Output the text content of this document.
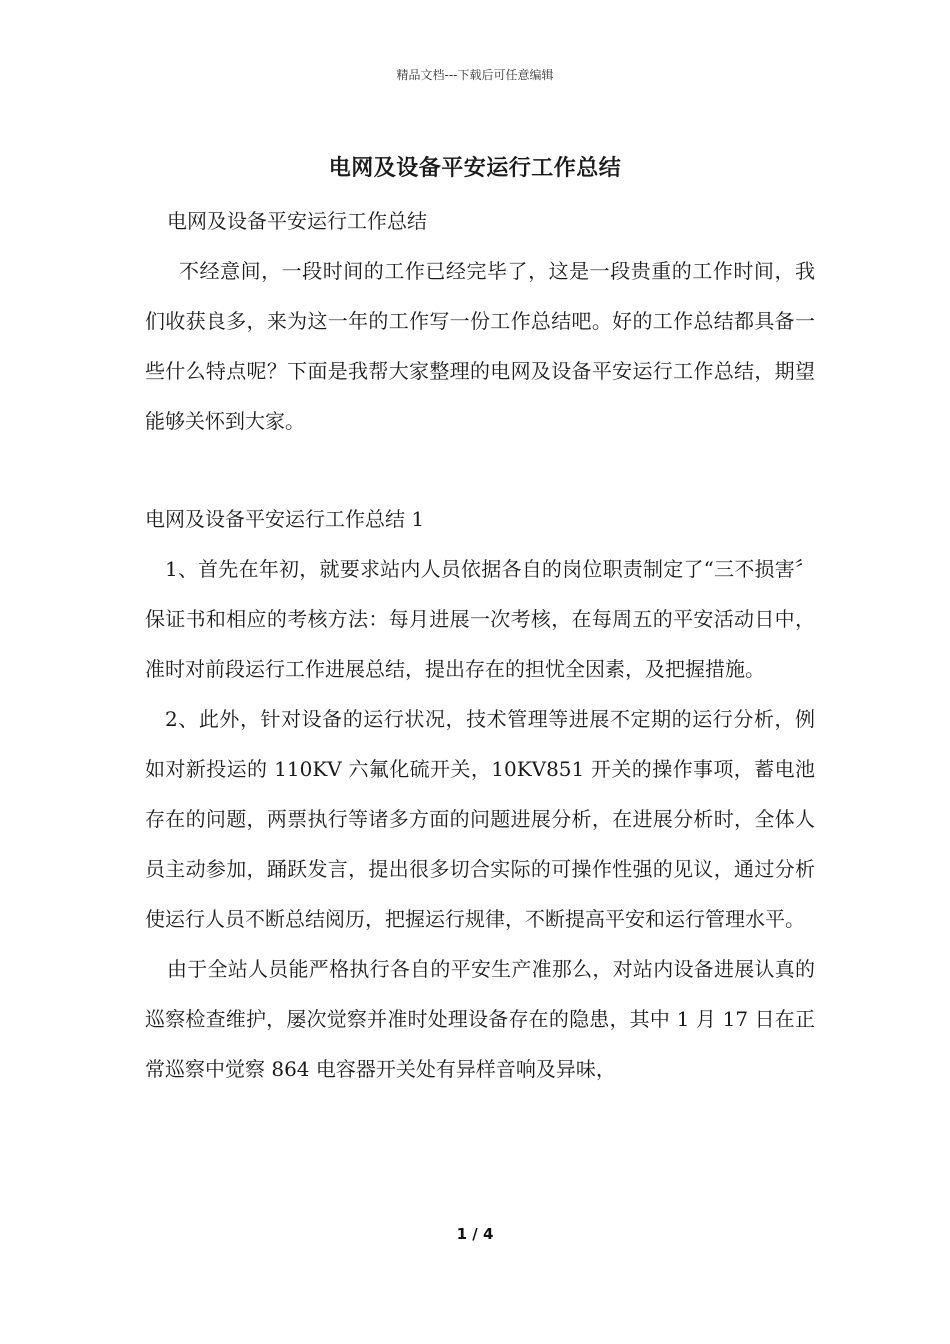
精品文档---下载后可任意编辑
电网及设备平安运行工作总结

电网及设备平安运行工作总结

不经意间，一段时间的工作已经完毕了，这是一段贵重的工作时间，我们收获良多，来为这一年的工作写一份工作总结吧。好的工作总结都具备一些什么特点呢？下面是我帮大家整理的电网及设备平安运行工作总结，期望能够关怀到大家。

电网及设备平安运行工作总结 1

1、首先在年初，就要求站内人员依据各自的岗位职责制定了“三不损害〞保证书和相应的考核方法：每月进展一次考核，在每周五的平安活动日中，准时对前段运行工作进展总结，提出存在的担忧全因素，及把握措施。

2、此外，针对设备的运行状况，技术管理等进展不定期的运行分析，例如对新投运的 110KV 六氟化硫开关，10KV851 开关的操作事项，蓄电池存在的问题，两票执行等诸多方面的问题进展分析，在进展分析时，全体人员主动参加，踊跃发言，提出很多切合实际的可操作性强的见议，通过分析使运行人员不断总结阅历，把握运行规律，不断提高平安和运行管理水平。

由于全站人员能严格执行各自的平安生产准那么，对站内设备进展认真的巡察检查维护，屡次觉察并准时处理设备存在的隐患，其中 1 月 17 日在正常巡察中觉察 864 电容器开关处有异样音响及异味，

1 / 4
